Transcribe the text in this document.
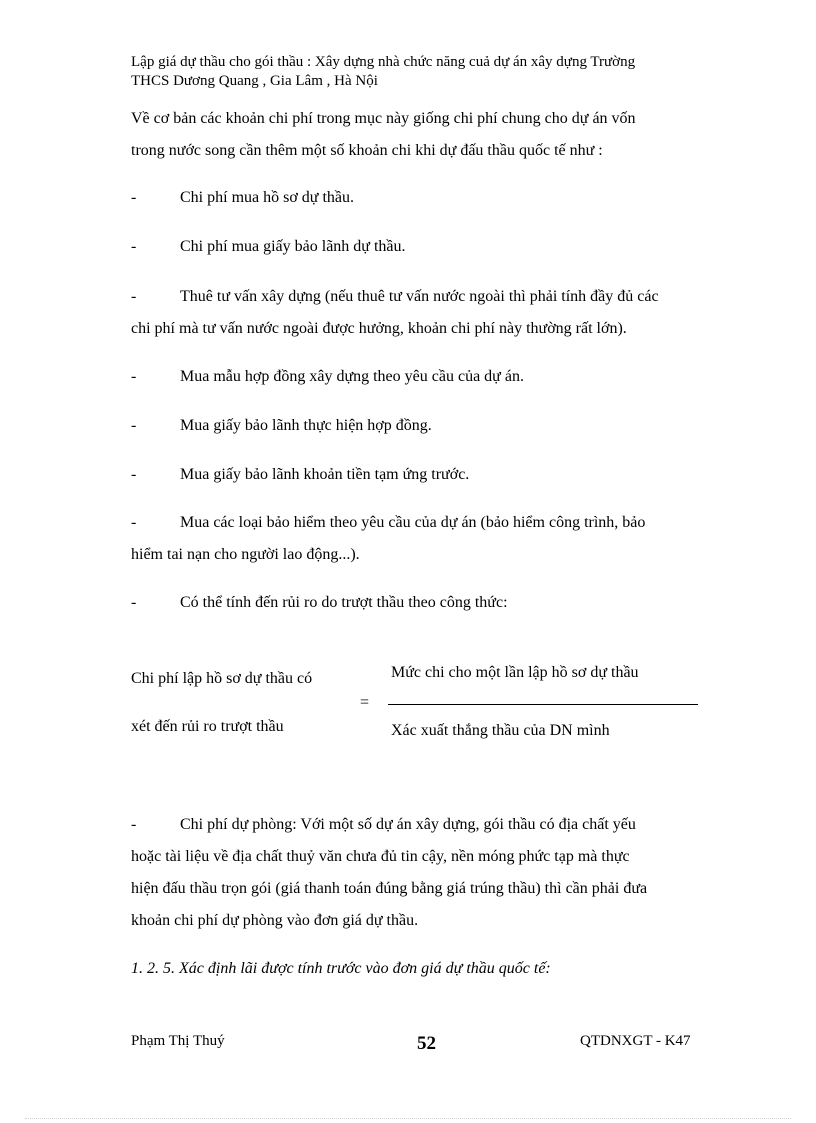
Lập giá dự thầu cho gói thầu : Xây dựng nhà chức năng cuả dự án xây dựng Trường
THCS Dương Quang , Gia Lâm , Hà Nội
Về cơ bản các khoản chi phí trong mục này giống chi phí chung cho dự án vốn
trong nước song cần thêm một số khoản chi khi dự đấu thầu quốc tế như :
-	Chi phí mua hồ sơ dự thầu.
-	Chi phí mua giấy bảo lãnh dự thầu.
-	Thuê tư vấn xây dựng (nếu thuê tư vấn nước ngoài thì phải tính đầy đủ các
chi phí mà tư vấn nước ngoài được hưởng, khoản chi phí này thường rất lớn).
-	Mua mẫu hợp đồng xây dựng theo yêu cầu của dự án.
-	Mua giấy bảo lãnh thực hiện hợp đồng.
-	Mua giấy bảo lãnh khoản tiền tạm ứng trước.
-	Mua các loại bảo hiểm theo yêu cầu của dự án (bảo hiểm công trình, bảo
hiểm tai nạn cho người lao động...).
-	Có thể tính đến rủi ro do trượt thầu theo công thức:
Chi phí lập hồ sơ dự thầu có
xét đến rủi ro trượt thầu
=
Mức chi cho một lần lập hồ sơ dự thầu
Xác xuất thắng thầu của DN mình
-	Chi phí dự phòng: Với một số dự án xây dựng, gói thầu có địa chất yếu
hoặc tài liệu về địa chất thuỷ văn chưa đủ tin cậy, nền móng phức tạp mà thực
hiện đấu thầu trọn gói (giá thanh toán đúng bằng giá trúng thầu) thì cần phải đưa
khoản chi phí dự phòng vào đơn giá dự thầu.
1. 2. 5. Xác định lãi được tính trước vào đơn giá dự thầu quốc tế:
Phạm Thị Thuý	52	QTDNXGT - K47
